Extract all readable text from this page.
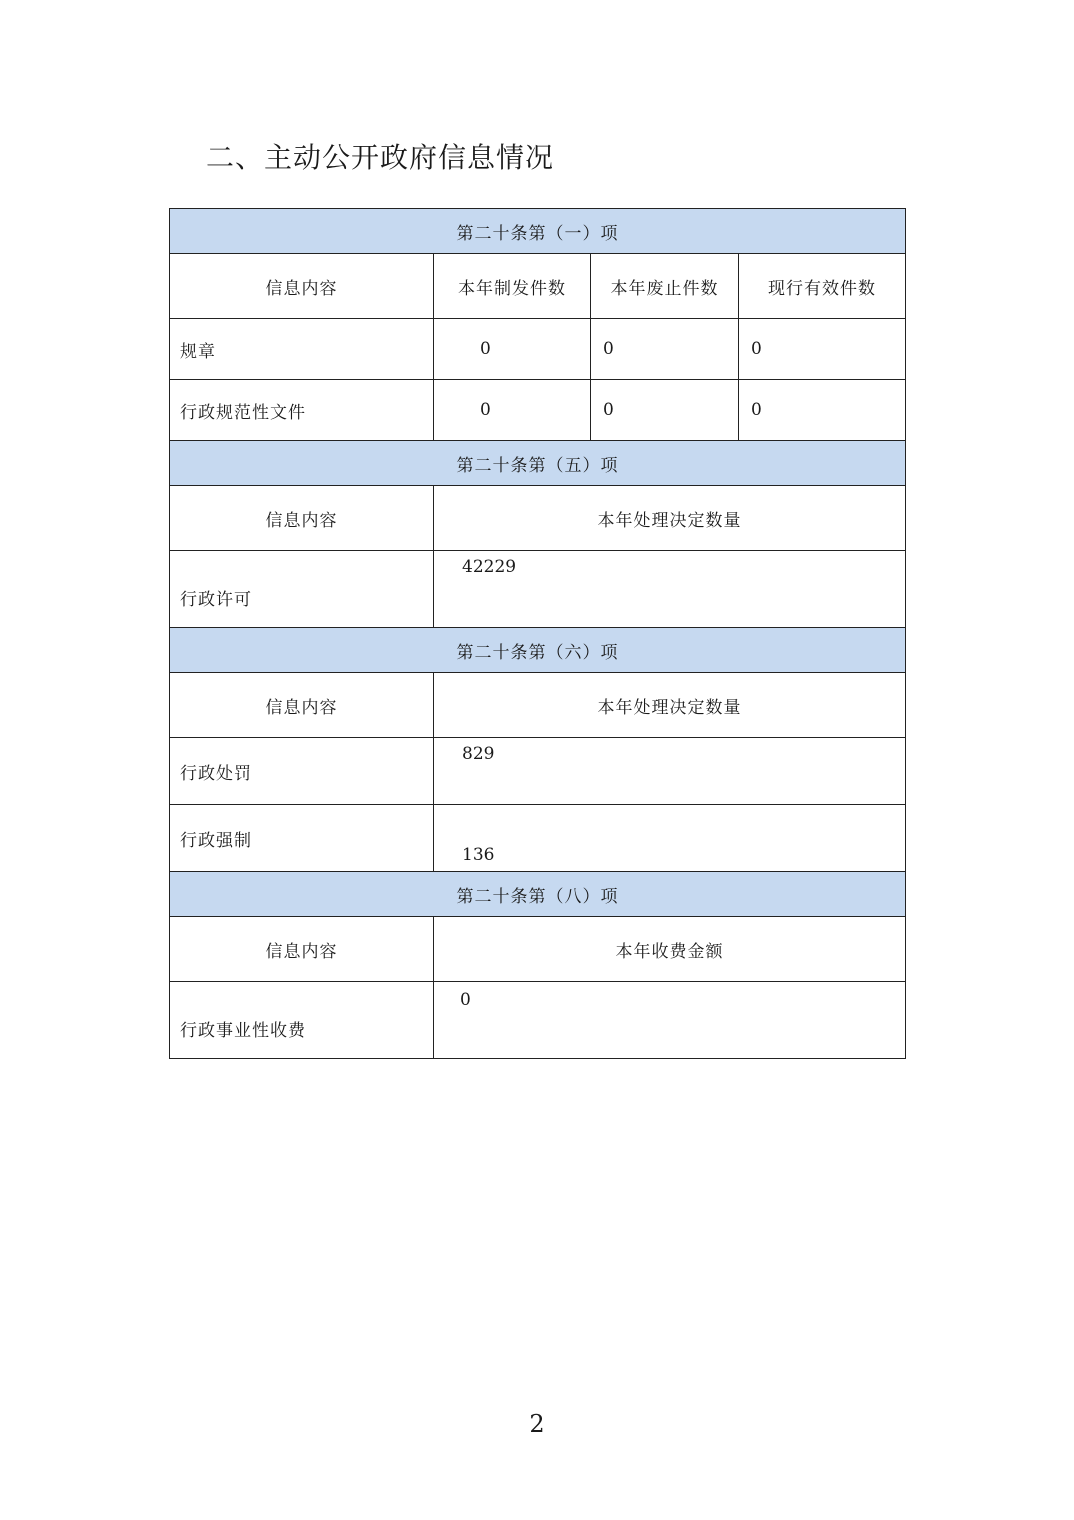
二、主动公开政府信息情况
第二十条第（一）项			
信息内容	本年制发件数	本年废止件数	现行有效件数
规章	0	0	0
行政规范性文件	0	0	0
第二十条第（五）项			
信息内容	本年处理决定数量		
行政许可	42229		
第二十条第（六）项			
信息内容	本年处理决定数量		
行政处罚	829		
行政强制	136		
第二十条第（八）项			
信息内容	本年收费金额		
行政事业性收费	0		

2
